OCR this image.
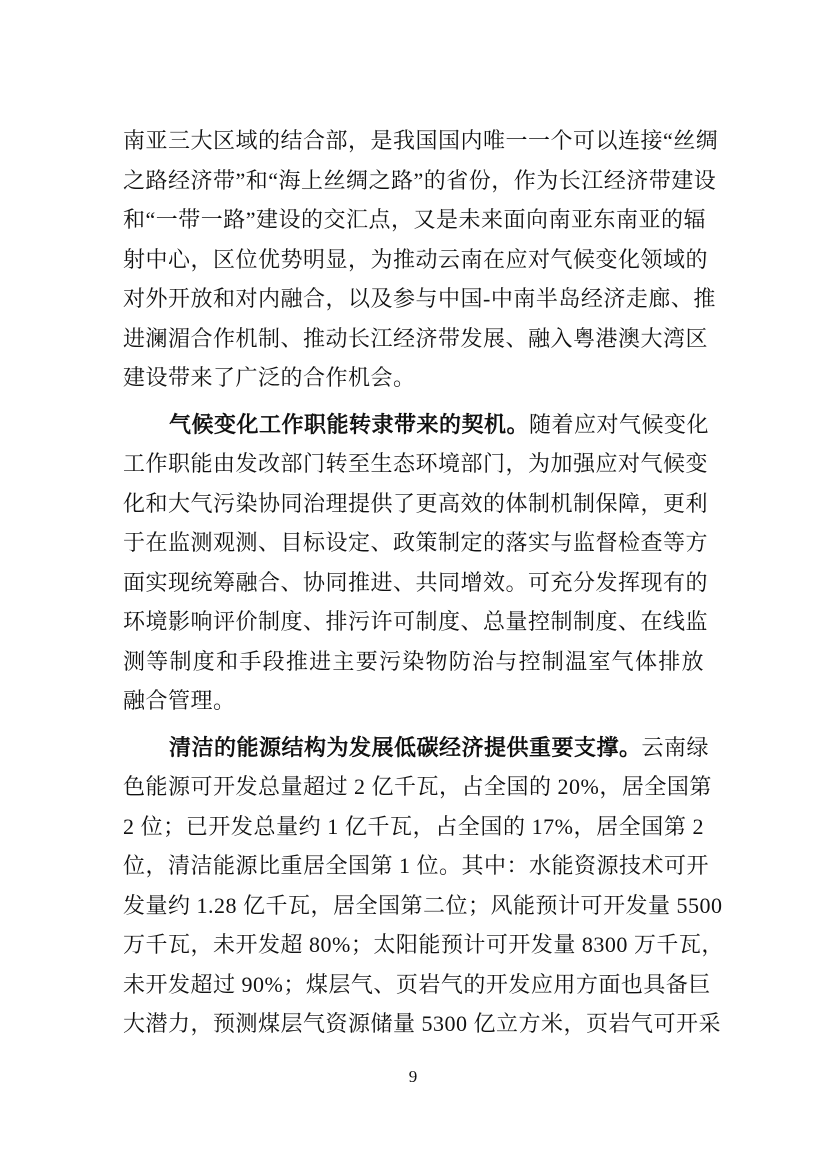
南亚三大区域的结合部，是我国国内唯一一个可以连接“丝绸
之路经济带”和“海上丝绸之路”的省份，作为长江经济带建设
和“一带一路”建设的交汇点，又是未来面向南亚东南亚的辐
射中心，区位优势明显，为推动云南在应对气候变化领域的
对外开放和对内融合，以及参与中国-中南半岛经济走廊、推
进澜湄合作机制、推动长江经济带发展、融入粤港澳大湾区
建设带来了广泛的合作机会。
气候变化工作职能转隶带来的契机。随着应对气候变化
工作职能由发改部门转至生态环境部门，为加强应对气候变
化和大气污染协同治理提供了更高效的体制机制保障，更利
于在监测观测、目标设定、政策制定的落实与监督检查等方
面实现统筹融合、协同推进、共同增效。可充分发挥现有的
环境影响评价制度、排污许可制度、总量控制制度、在线监
测等制度和手段推进主要污染物防治与控制温室气体排放
融合管理。
清洁的能源结构为发展低碳经济提供重要支撑。云南绿
色能源可开发总量超过 2 亿千瓦，占全国的 20%，居全国第
2 位；已开发总量约 1 亿千瓦，占全国的 17%，居全国第 2
位，清洁能源比重居全国第 1 位。其中：水能资源技术可开
发量约 1.28 亿千瓦，居全国第二位；风能预计可开发量 5500
万千瓦，未开发超 80%；太阳能预计可开发量 8300 万千瓦，
未开发超过 90%；煤层气、页岩气的开发应用方面也具备巨
大潜力，预测煤层气资源储量 5300 亿立方米，页岩气可开采
9
